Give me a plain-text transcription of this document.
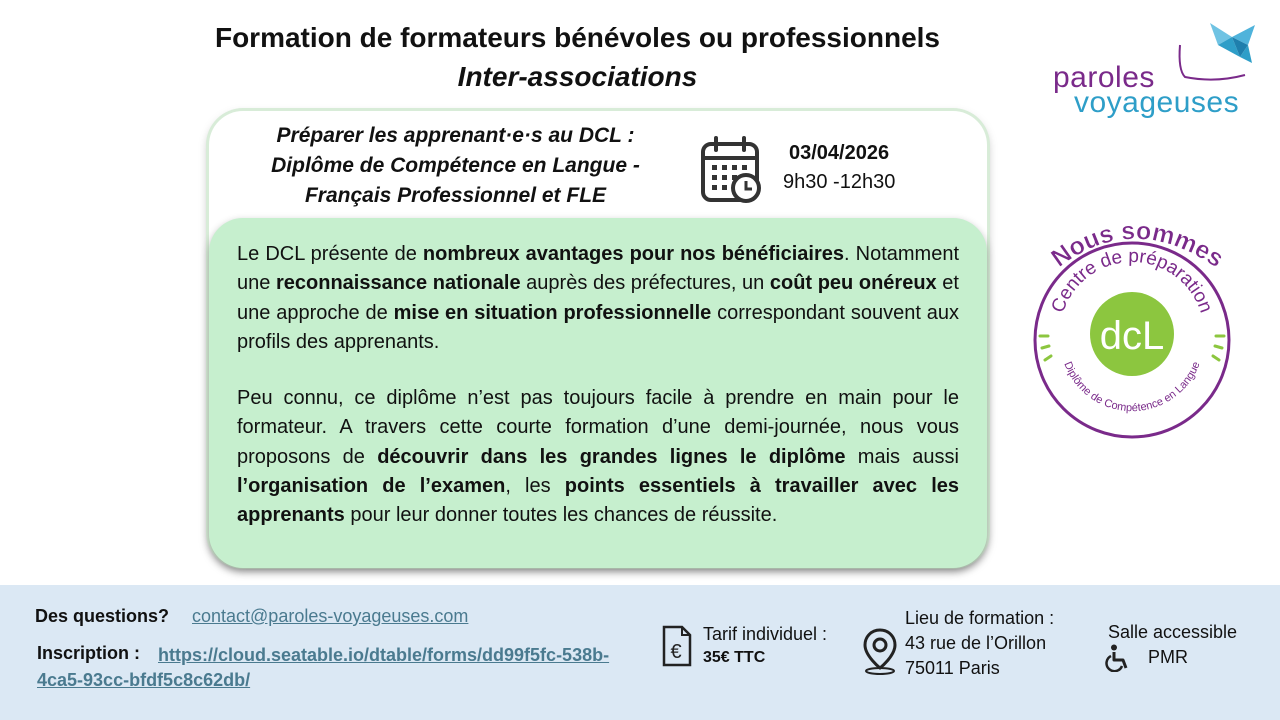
Formation de formateurs bénévoles ou professionnels
Inter-associations	paroles
voyageuses
Préparer les apprenant·e·s au DCL :
Diplôme de Compétence en Langue -
Français Professionnel et FLE
03/04/2026
9h30 -12h30

Le DCL présente de nombreux avantages pour nos bénéficiaires. Notamment une reconnaissance nationale auprès des préfectures, un coût peu onéreux et une approche de mise en situation professionnelle correspondant souvent aux profils des apprenants.

Peu connu, ce diplôme n’est pas toujours facile à prendre en main pour le formateur. A travers cette courte formation d’une demi-journée, nous vous proposons de découvrir dans les grandes lignes le diplôme mais aussi l’organisation de l’examen, les points essentiels à travailler avec les apprenants pour leur donner toutes les chances de réussite.

Nous sommes
Centre de préparation
Diplôme de Compétence en Langue
dcL
Des questions? contact@paroles-voyageuses.com
https://cloud.seatable.io/dtable/forms/dd99f5fc-538b-4ca5-93cc-bfdf5c8c62db/
Inscription :	€
Tarif individuel :
35€ TTC
Lieu de formation :
43 rue de l’Orillon
75011 Paris
Salle accessible
PMR
